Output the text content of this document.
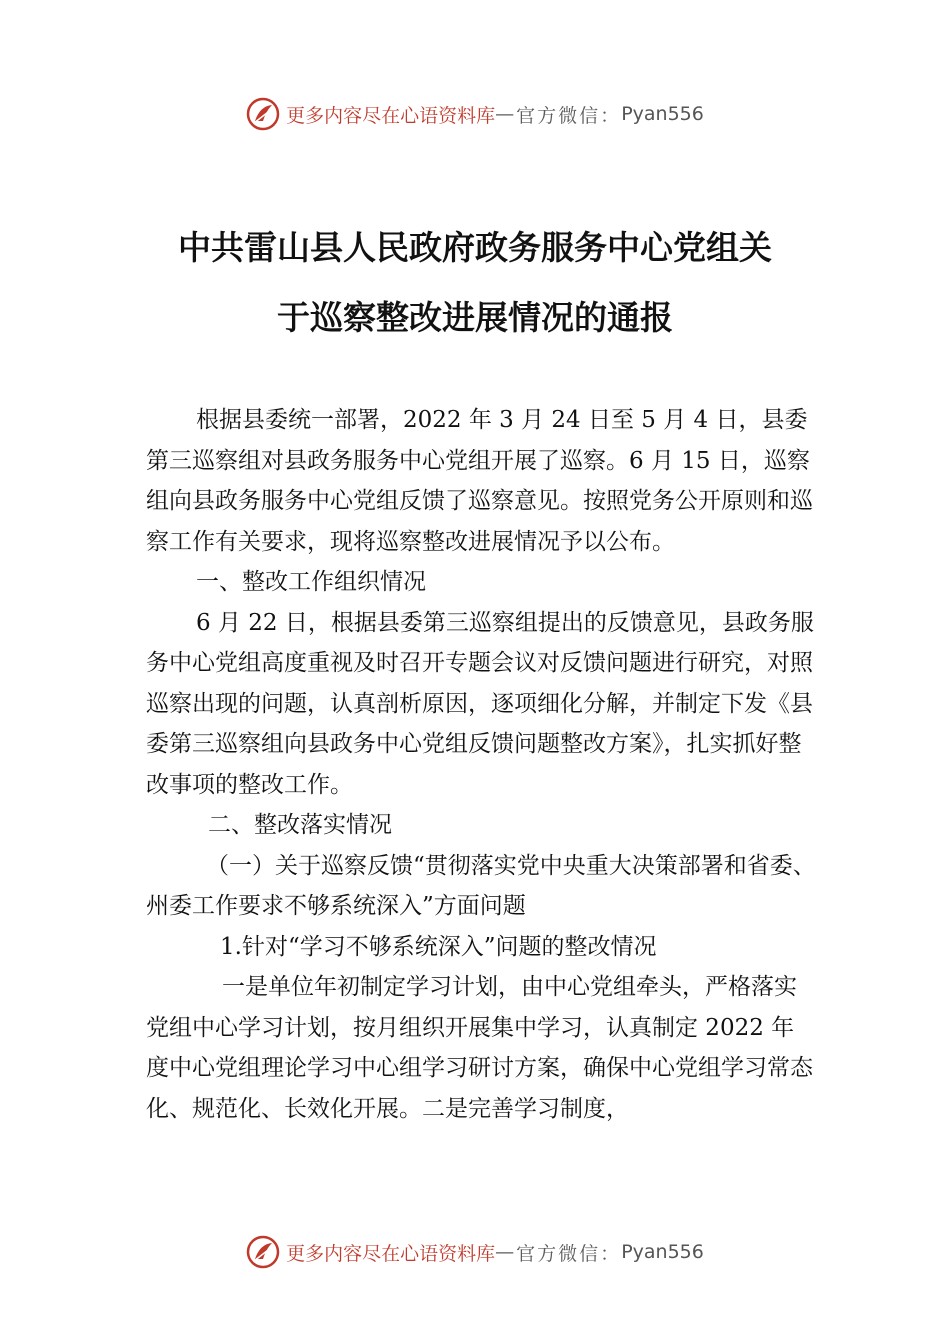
更多内容尽在心语资料库 — 官方微信： Pyan556
中共雷山县人民政府政务服务中心党组关
于巡察整改进展情况的通报

根据县委统一部署，2022 年 3 月 24 日至 5 月 4 日，县委第三巡察组对县政务服务中心党组开展了巡察。6 月 15 日，巡察组向县政务服务中心党组反馈了巡察意见。按照党务公开原则和巡察工作有关要求，现将巡察整改进展情况予以公布。

一、整改工作组织情况

6 月 22 日，根据县委第三巡察组提出的反馈意见，县政务服务中心党组高度重视及时召开专题会议对反馈问题进行研究，对照巡察出现的问题，认真剖析原因，逐项细化分解，并制定下发《县委第三巡察组向县政务中心党组反馈问题整改方案》，扎实抓好整改事项的整改工作。

二、整改落实情况

（一）关于巡察反馈“贯彻落实党中央重大决策部署和省委、州委工作要求不够系统深入”方面问题

1.针对“学习不够系统深入”问题的整改情况

一是单位年初制定学习计划，由中心党组牵头，严格落实党组中心学习计划，按月组织开展集中学习，认真制定 2022 年度中心党组理论学习中心组学习研讨方案，确保中心党组学习常态化、规范化、长效化开展。二是完善学习制度，

更多内容尽在心语资料库 — 官方微信： Pyan556
